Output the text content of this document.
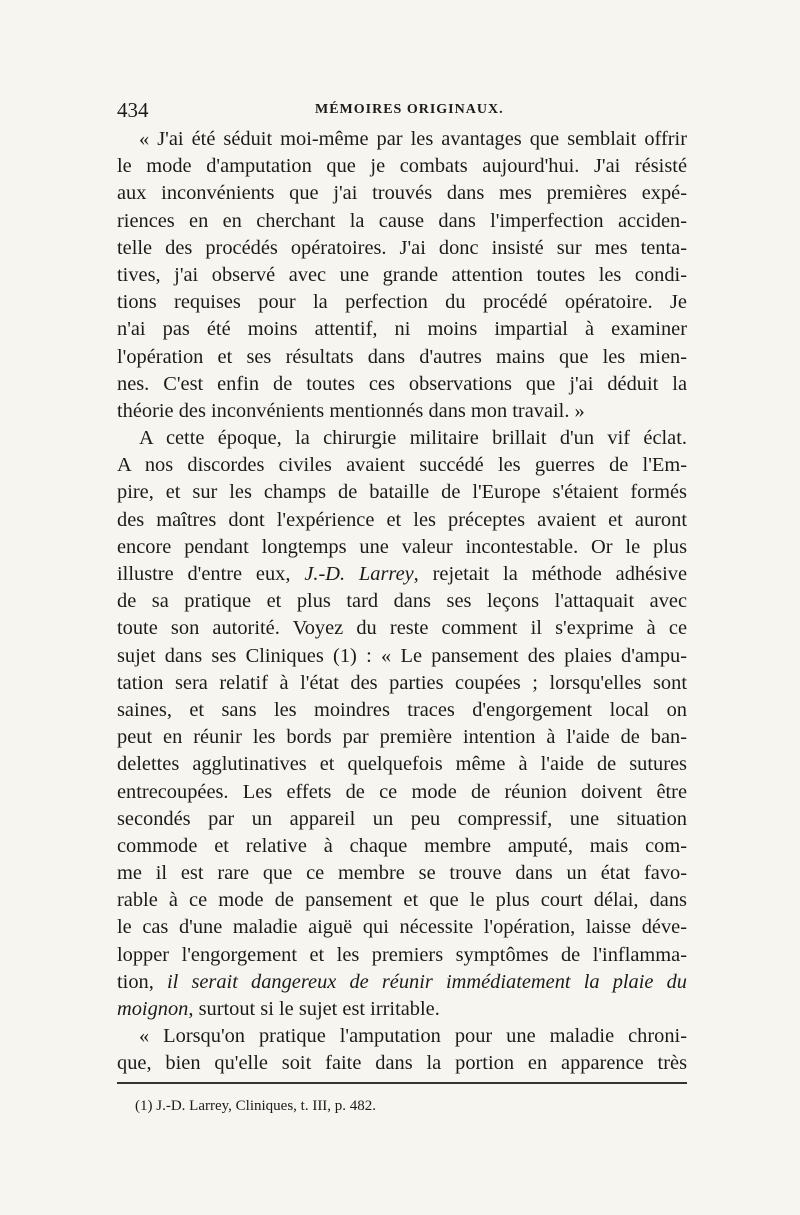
434	MÉMOIRES ORIGINAUX.
« J'ai été séduit moi-même par les avantages que semblait offrir
le mode d'amputation que je combats aujourd'hui. J'ai résisté
aux inconvénients que j'ai trouvés dans mes premières expé-
riences en en cherchant la cause dans l'imperfection acciden-
telle des procédés opératoires. J'ai donc insisté sur mes tenta-
tives, j'ai observé avec une grande attention toutes les condi-
tions requises pour la perfection du procédé opératoire. Je
n'ai pas été moins attentif, ni moins impartial à examiner
l'opération et ses résultats dans d'autres mains que les mien-
nes. C'est enfin de toutes ces observations que j'ai déduit la
théorie des inconvénients mentionnés dans mon travail. »
A cette époque, la chirurgie militaire brillait d'un vif éclat.
A nos discordes civiles avaient succédé les guerres de l'Em-
pire, et sur les champs de bataille de l'Europe s'étaient formés
des maîtres dont l'expérience et les préceptes avaient et auront
encore pendant longtemps une valeur incontestable. Or le plus
illustre d'entre eux, J.-D. Larrey, rejetait la méthode adhésive
de sa pratique et plus tard dans ses leçons l'attaquait avec
toute son autorité. Voyez du reste comment il s'exprime à ce
sujet dans ses Cliniques (1) : « Le pansement des plaies d'ampu-
tation sera relatif à l'état des parties coupées ; lorsqu'elles sont
saines, et sans les moindres traces d'engorgement local on
peut en réunir les bords par première intention à l'aide de ban-
delettes agglutinatives et quelquefois même à l'aide de sutures
entrecoupées. Les effets de ce mode de réunion doivent être
secondés par un appareil un peu compressif, une situation
commode et relative à chaque membre amputé, mais com-
me il est rare que ce membre se trouve dans un état favo-
rable à ce mode de pansement et que le plus court délai, dans
le cas d'une maladie aiguë qui nécessite l'opération, laisse déve-
lopper l'engorgement et les premiers symptômes de l'inflamma-
tion, il serait dangereux de réunir immédiatement la plaie du
moignon, surtout si le sujet est irritable.
« Lorsqu'on pratique l'amputation pour une maladie chroni-
que, bien qu'elle soit faite dans la portion en apparence très
(1) J.-D. Larrey, Cliniques, t. III, p. 482.
